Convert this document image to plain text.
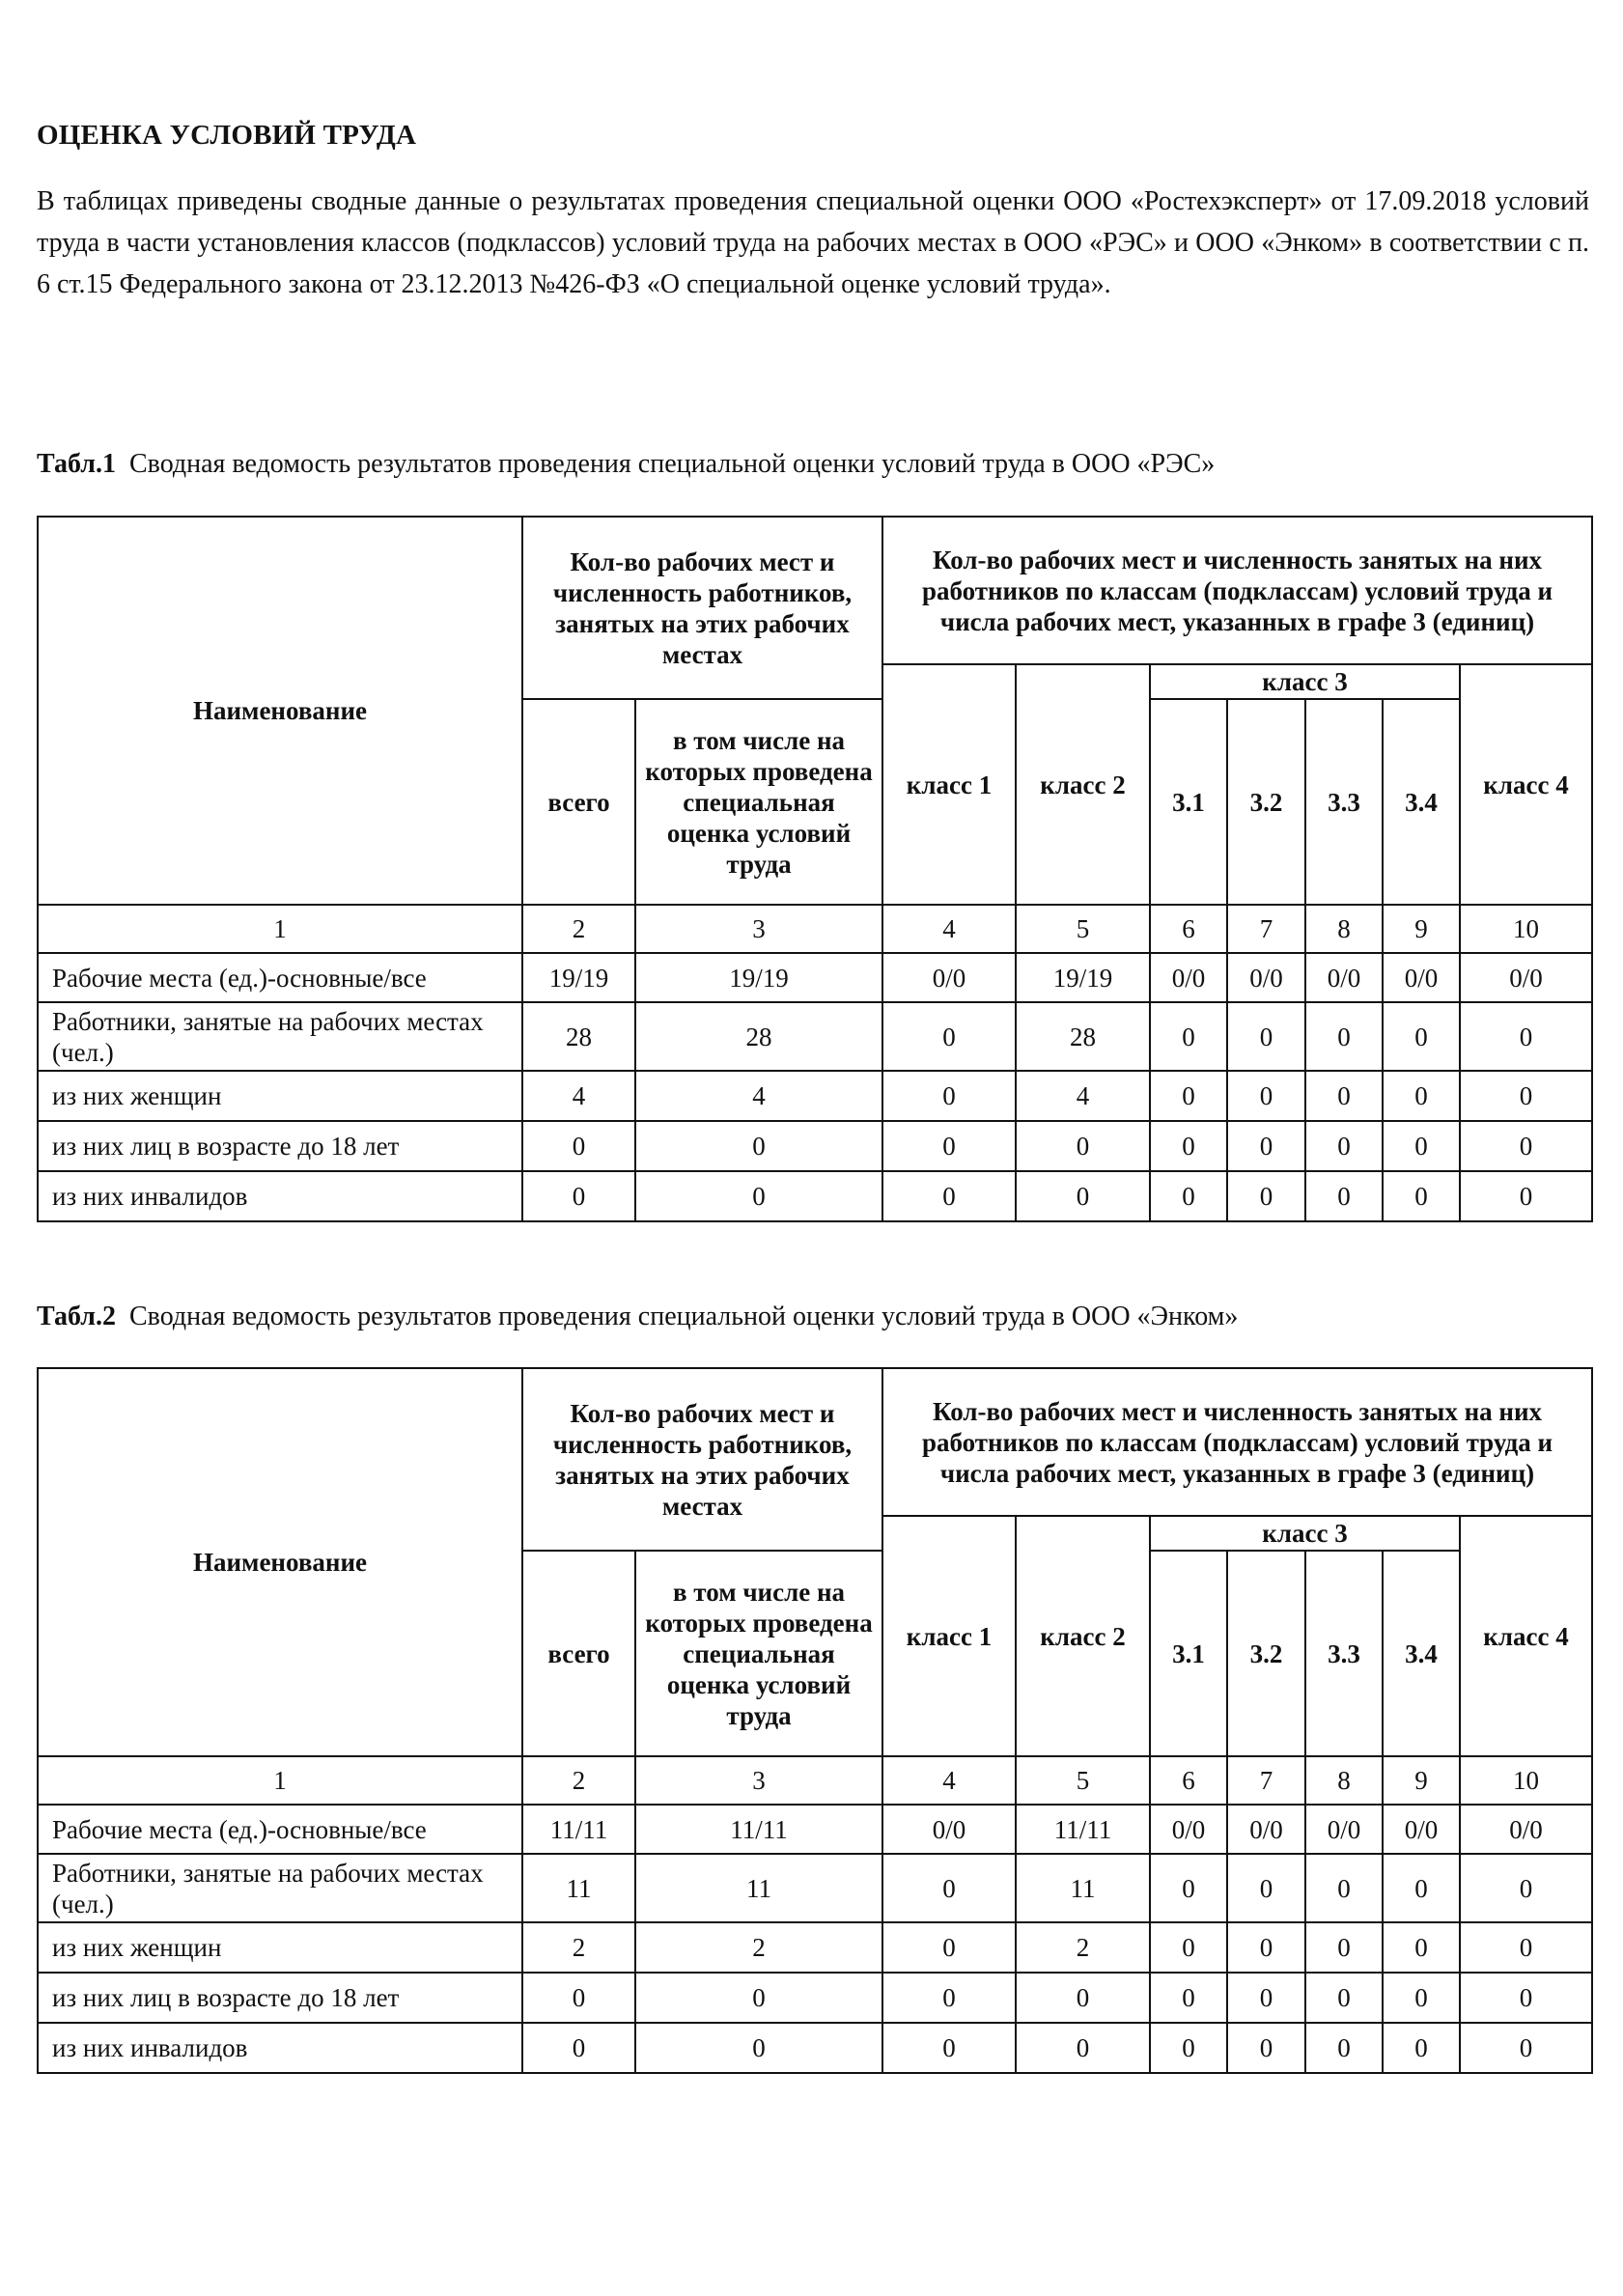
ОЦЕНКА УСЛОВИЙ ТРУДА
В таблицах приведены сводные данные о результатах проведения специальной оценки ООО «Ростехэксперт» от 17.09.2018 условий труда в части установления классов (подклассов) условий труда на рабочих местах в ООО «РЭС» и ООО «Энком» в соответствии с п. 6 ст.15 Федерального закона от 23.12.2013 №426-ФЗ «О специальной оценке условий труда».
Табл.1 Сводная ведомость результатов проведения специальной оценки условий труда в ООО «РЭС»
Наименование	Кол-во рабочих мест и численность работников, занятых на этих рабочих местах		Кол-во рабочих мест и численность занятых на них работников по классам (подклассам) условий труда и числа рабочих мест, указанных в графе 3 (единиц)						
			класс 1	класс 2	класс 3				класс 4
	всего	в том числе на которых проведена специальная оценка условий труда			3.1	3.2	3.3	3.4	
1	2	3	4	5	6	7	8	9	10
Рабочие места (ед.)-основные/все	19/19	19/19	0/0	19/19	0/0	0/0	0/0	0/0	0/0
Работники, занятые на рабочих местах (чел.)	28	28	0	28	0	0	0	0	0
из них женщин	4	4	0	4	0	0	0	0	0
из них лиц в возрасте до 18 лет	0	0	0	0	0	0	0	0	0
из них инвалидов	0	0	0	0	0	0	0	0	0
Табл.2 Сводная ведомость результатов проведения специальной оценки условий труда в ООО «Энком»
Наименование	Кол-во рабочих мест и численность работников, занятых на этих рабочих местах		Кол-во рабочих мест и численность занятых на них работников по классам (подклассам) условий труда и числа рабочих мест, указанных в графе 3 (единиц)						
			класс 1	класс 2	класс 3				класс 4
	всего	в том числе на которых проведена специальная оценка условий труда			3.1	3.2	3.3	3.4	
1	2	3	4	5	6	7	8	9	10
Рабочие места (ед.)-основные/все	11/11	11/11	0/0	11/11	0/0	0/0	0/0	0/0	0/0
Работники, занятые на рабочих местах (чел.)	11	11	0	11	0	0	0	0	0
из них женщин	2	2	0	2	0	0	0	0	0
из них лиц в возрасте до 18 лет	0	0	0	0	0	0	0	0	0
из них инвалидов	0	0	0	0	0	0	0	0	0
